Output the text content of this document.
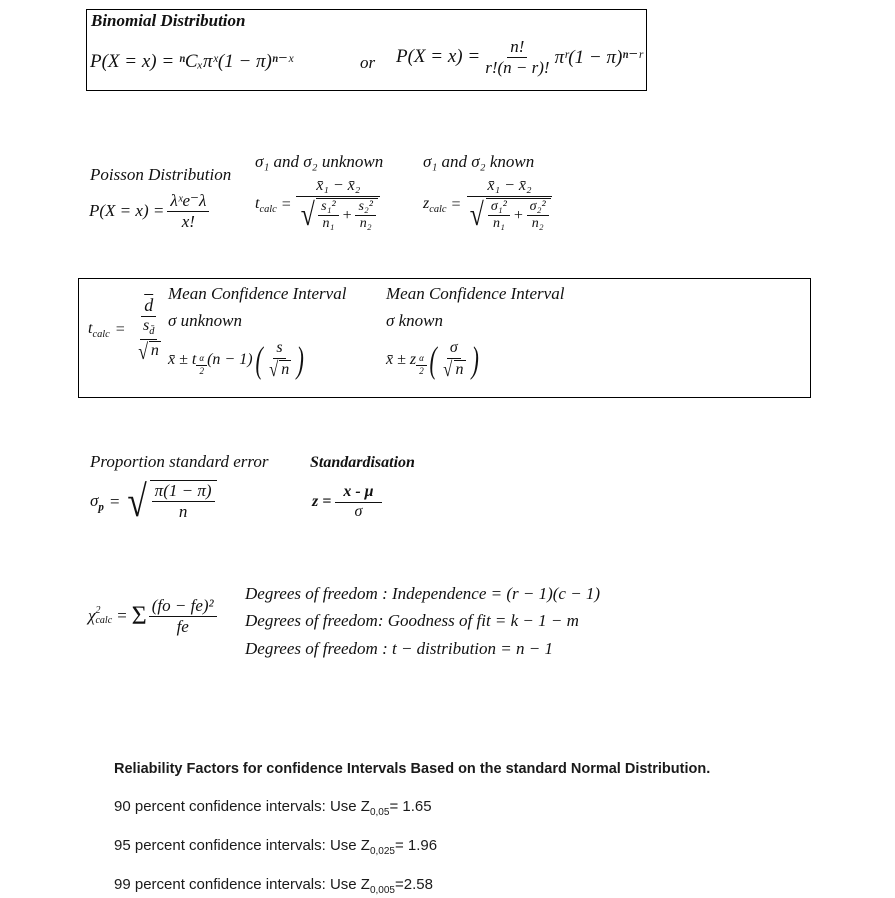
Binomial Distribution
P(X = x) = ⁿCₓπˣ(1 − π)ⁿ⁻ˣ	or $P(X = x) = \frac{n!}{r!(n - r)!}$ πʳ(1 − π)ⁿ⁻ʳ
Poisson Distribution
$P(X = x) = \frac{\text{λˣe⁻λ}}{x!}$
σ₁ and σ₂ unknown σ₁ and σ₂ known
$t_{calc} = \frac{\text{x̄₁ − x̄₂}}{√ \frac{\text{s₁²}}{\text{n₁}} + \frac{\text{s₂²}}{\text{n₂}}}$	$z_{calc} = \frac{\text{x̄₁ − x̄₂}}{√ \frac{\text{σ₁²}}{\text{n₁}} + \frac{\text{σ₂²}}{\text{n₂}}}$
$t_{calc} = \frac{\overline{d}}{\frac{s_{d̄}}{√ n}}$
Mean Confidence Interval
σ unknown
Mean Confidence Interval
σ known
x̄ ± t $\frac{\alpha}{2} (n - 1)$ ( $\frac{s}{√ n}$ )	x̄ ± z $\frac{\alpha}{2}$ ( $\frac{\sigma}{√ n}$ )
Proportion standard error	Standardisation
$\sigma_p$ = √ $\frac{\pi(1 - \pi)}{n}$	$z = \frac{x - \mu}{\sigma}$
χ 2
calc = Σ $\frac{\text{(fo − fe)²}}{fe}$
Degrees of freedom : Independence = (r − 1)(c − 1)
Degrees of freedom: Goodness of fit = k − 1 − m
Degrees of freedom : t − distribution = n − 1
Reliability Factors for confidence Intervals Based on the standard Normal Distribution.
90 percent confidence intervals: Use $Z_{0,05}= 1.65$
95 percent confidence intervals: Use $Z_{0,025}= 1.96$
99 percent confidence intervals: Use $Z_{0,005}=2.58$
